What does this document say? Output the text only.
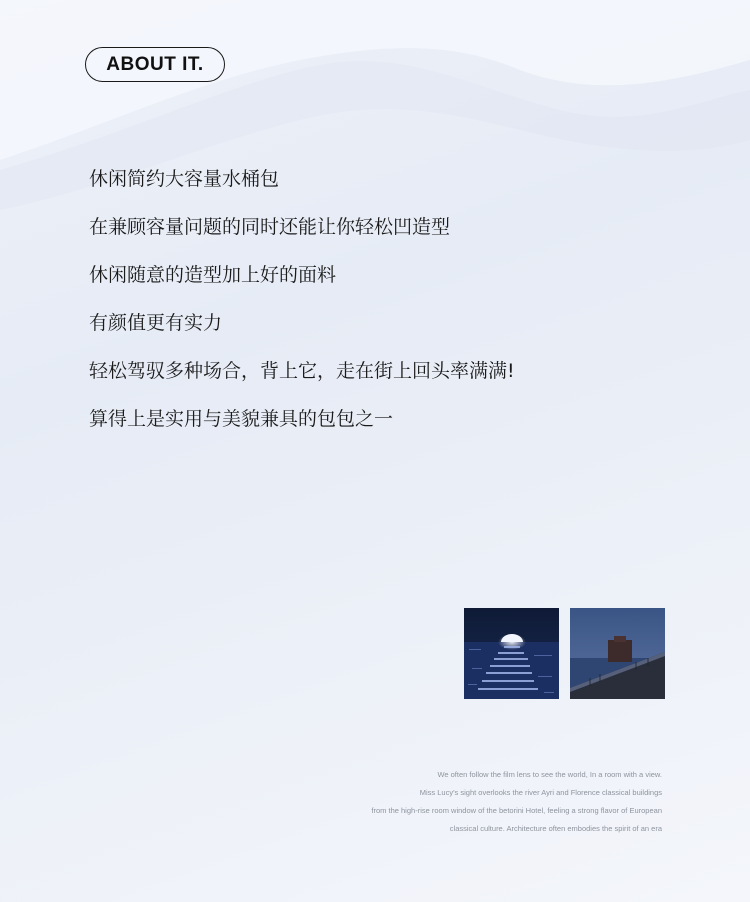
ABOUT IT.
休闲简约大容量水桶包
在兼顾容量问题的同时还能让你轻松凹造型
休闲随意的造型加上好的面料
有颜值更有实力
轻松驾驭多种场合，背上它，走在街上回头率满满!
算得上是实用与美貌兼具的包包之一
We often follow the film lens to see the world, In a room with a view.
Miss Lucy's sight overlooks the river Ayri and Florence classical buildings
from the high-rise room window of the betorini Hotel, feeling a strong flavor of European
classical culture. Architecture often embodies the spirit of an era
